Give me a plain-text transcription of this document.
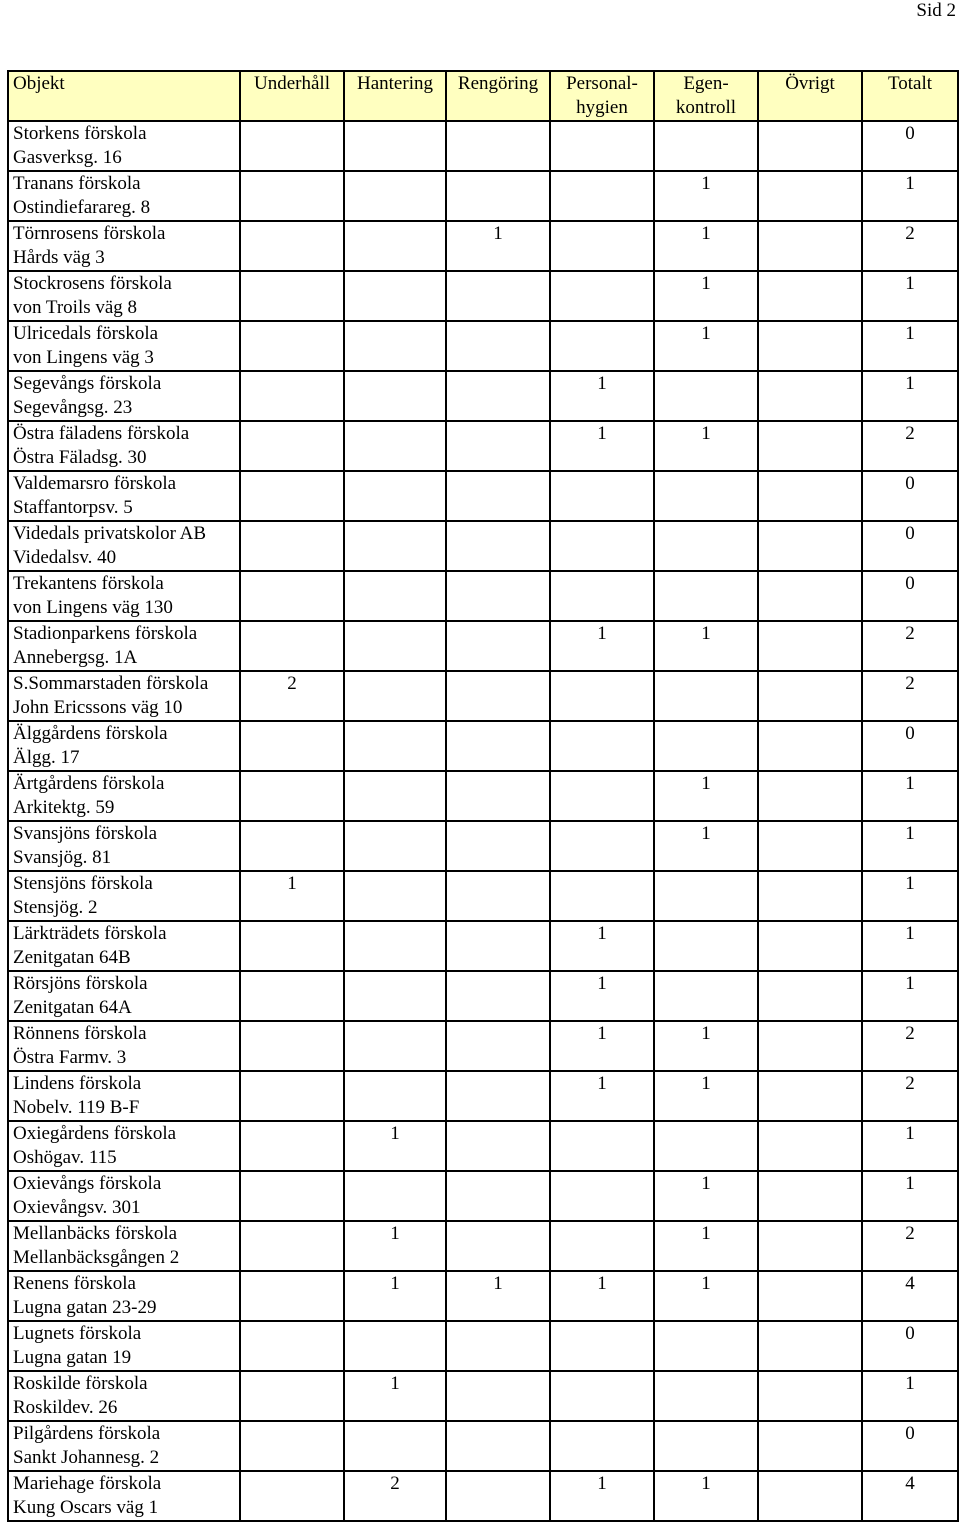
Sid 2
Objekt	Underhåll	Hantering	Rengöring	Personal-
hygien	Egen-
kontroll	Övrigt	Totalt

Storkens förskola
Gasverksg. 16							0

Tranans förskola
Ostindiefarareg. 8					1		1

Törnrosens förskola
Hårds väg 3			1		1		2

Stockrosens förskola
von Troils väg 8					1		1

Ulricedals förskola
von Lingens väg 3					1		1

Segevångs förskola
Segevångsg. 23				1			1

Östra fäladens förskola
Östra Fäladsg. 30				1	1		2

Valdemarsro förskola
Staffantorpsv. 5							0

Videdals privatskolor AB
Videdalsv. 40							0

Trekantens förskola
von Lingens väg 130							0

Stadionparkens förskola
Annebergsg. 1A				1	1		2

S.Sommarstaden förskola
John Ericssons väg 10	2						2

Älggårdens förskola
Älgg. 17							0

Ärtgårdens förskola
Arkitektg. 59					1		1

Svansjöns förskola
Svansjög. 81					1		1

Stensjöns förskola
Stensjög. 2	1						1

Lärkträdets förskola
Zenitgatan 64B				1			1

Rörsjöns förskola
Zenitgatan 64A				1			1

Rönnens förskola
Östra Farmv. 3				1	1		2

Lindens förskola
Nobelv. 119 B-F				1	1		2

Oxiegårdens förskola
Oshögav. 115		1					1

Oxievångs förskola
Oxievångsv. 301					1		1

Mellanbäcks förskola
Mellanbäcksgången 2		1			1		2

Renens förskola
Lugna gatan 23-29		1	1	1	1		4

Lugnets förskola
Lugna gatan 19							0

Roskilde förskola
Roskildev. 26		1					1

Pilgårdens förskola
Sankt Johannesg. 2							0

Mariehage förskola
Kung Oscars väg 1		2		1	1		4
